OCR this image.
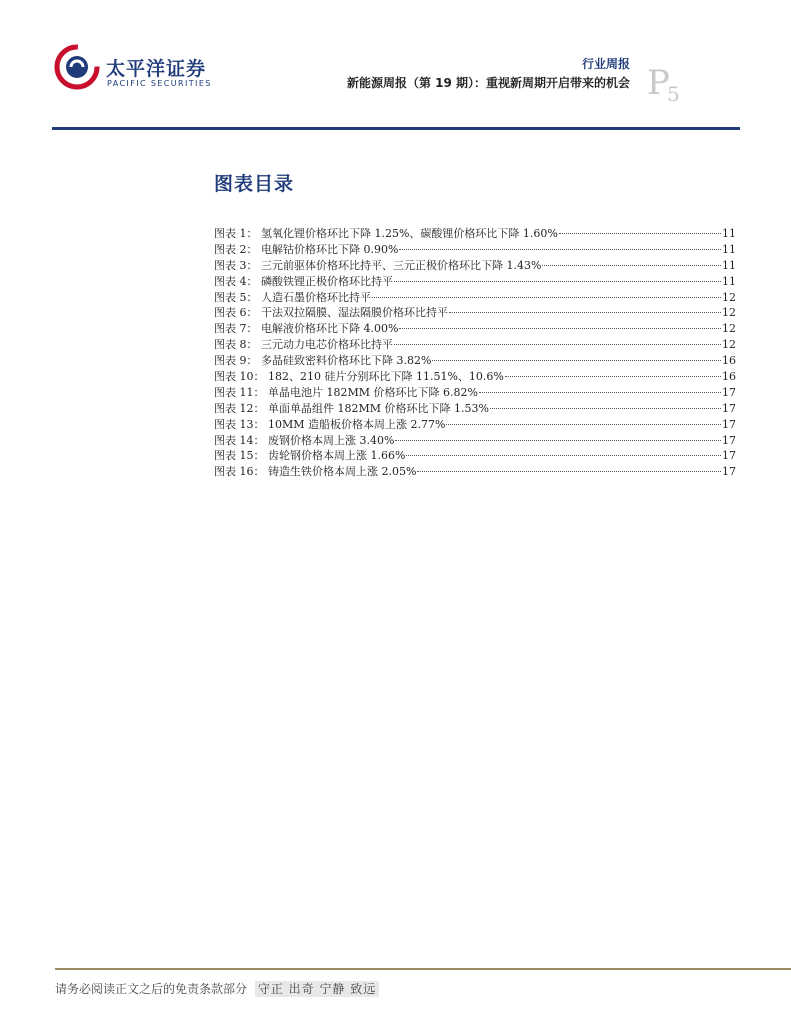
太平洋证券
PACIFIC SECURITIES
行业周报
新能源周报（第 19 期）：重视新周期开启带来的机会 P
5
图表目录
图表 1： 氢氧化锂价格环比下降 1.25%、碳酸锂价格环比下降 1.60%	11
图表 2： 电解钴价格环比下降 0.90%	11
图表 3： 三元前驱体价格环比持平、三元正极价格环比下降 1.43%	11
图表 4： 磷酸铁锂正极价格环比持平	11
图表 5： 人造石墨价格环比持平	12
图表 6： 干法双拉隔膜、湿法隔膜价格环比持平	12
图表 7： 电解液价格环比下降 4.00%	12
图表 8： 三元动力电芯价格环比持平	12
图表 9： 多晶硅致密料价格环比下降 3.82%	16
图表 10： 182、210 硅片分别环比下降 11.51%、10.6%	16
图表 11： 单晶电池片 182MM 价格环比下降 6.82%	17
图表 12： 单面单晶组件 182MM 价格环比下降 1.53%	17
图表 13： 10MM 造船板价格本周上涨 2.77%	17
图表 14： 废钢价格本周上涨 3.40%	17
图表 15： 齿轮钢价格本周上涨 1.66%	17
图表 16： 铸造生铁价格本周上涨 2.05%	17
请务必阅读正文之后的免责条款部分 守正 出奇 宁静 致远
